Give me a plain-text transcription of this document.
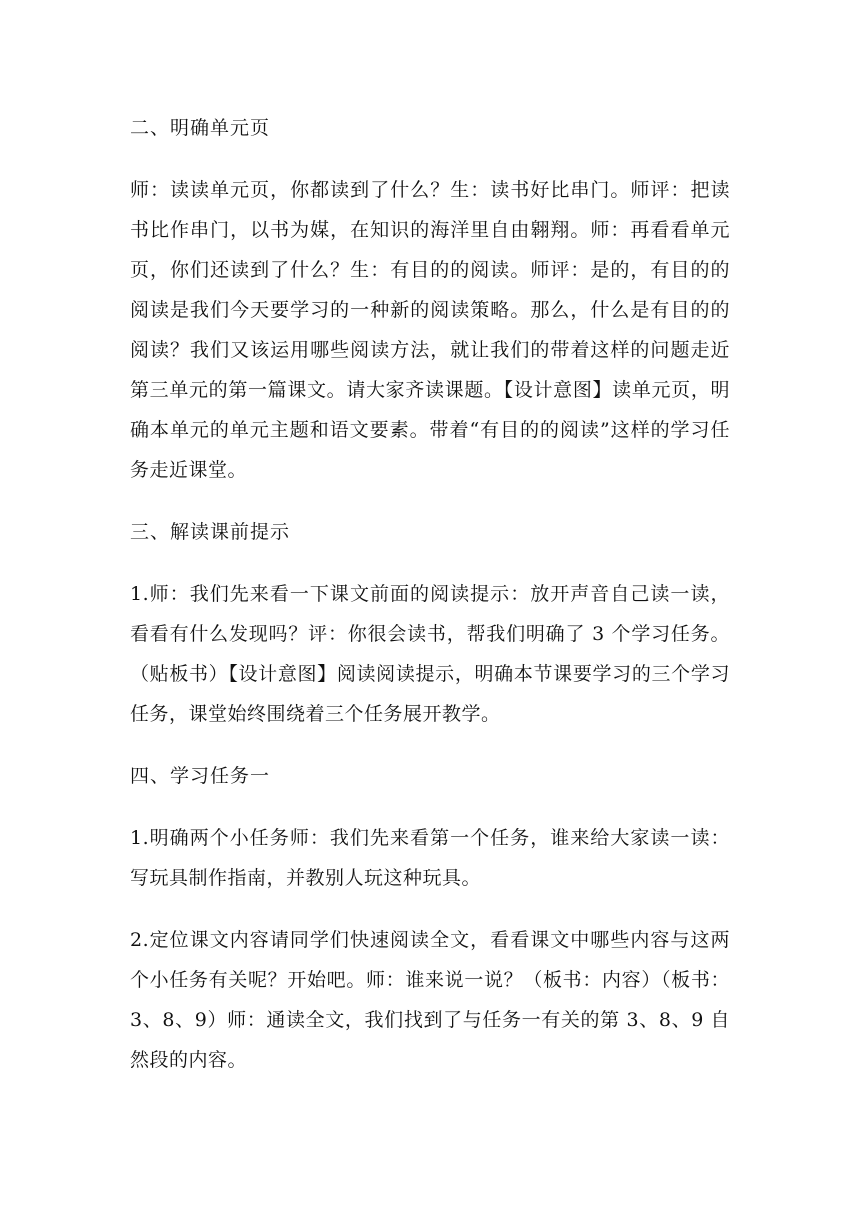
二、明确单元页
师：读读单元页，你都读到了什么？生：读书好比串门。师评：把读书比作串门，以书为媒，在知识的海洋里自由翱翔。师：再看看单元页，你们还读到了什么？生：有目的的阅读。师评：是的，有目的的阅读是我们今天要学习的一种新的阅读策略。那么，什么是有目的的阅读？我们又该运用哪些阅读方法，就让我们的带着这样的问题走近第三单元的第一篇课文。请大家齐读课题。【设计意图】读单元页，明确本单元的单元主题和语文要素。带着“有目的的阅读”这样的学习任务走近课堂。
三、解读课前提示
1.师：我们先来看一下课文前面的阅读提示：放开声音自己读一读，看看有什么发现吗？评：你很会读书，帮我们明确了 3 个学习任务。（贴板书）【设计意图】阅读阅读提示，明确本节课要学习的三个学习任务，课堂始终围绕着三个任务展开教学。
四、学习任务一
1.明确两个小任务师：我们先来看第一个任务，谁来给大家读一读：写玩具制作指南，并教别人玩这种玩具。
2.定位课文内容请同学们快速阅读全文，看看课文中哪些内容与这两个小任务有关呢？开始吧。师：谁来说一说？（板书：内容）（板书：3、8、9）师：通读全文，我们找到了与任务一有关的第 3、8、9 自然段的内容。
